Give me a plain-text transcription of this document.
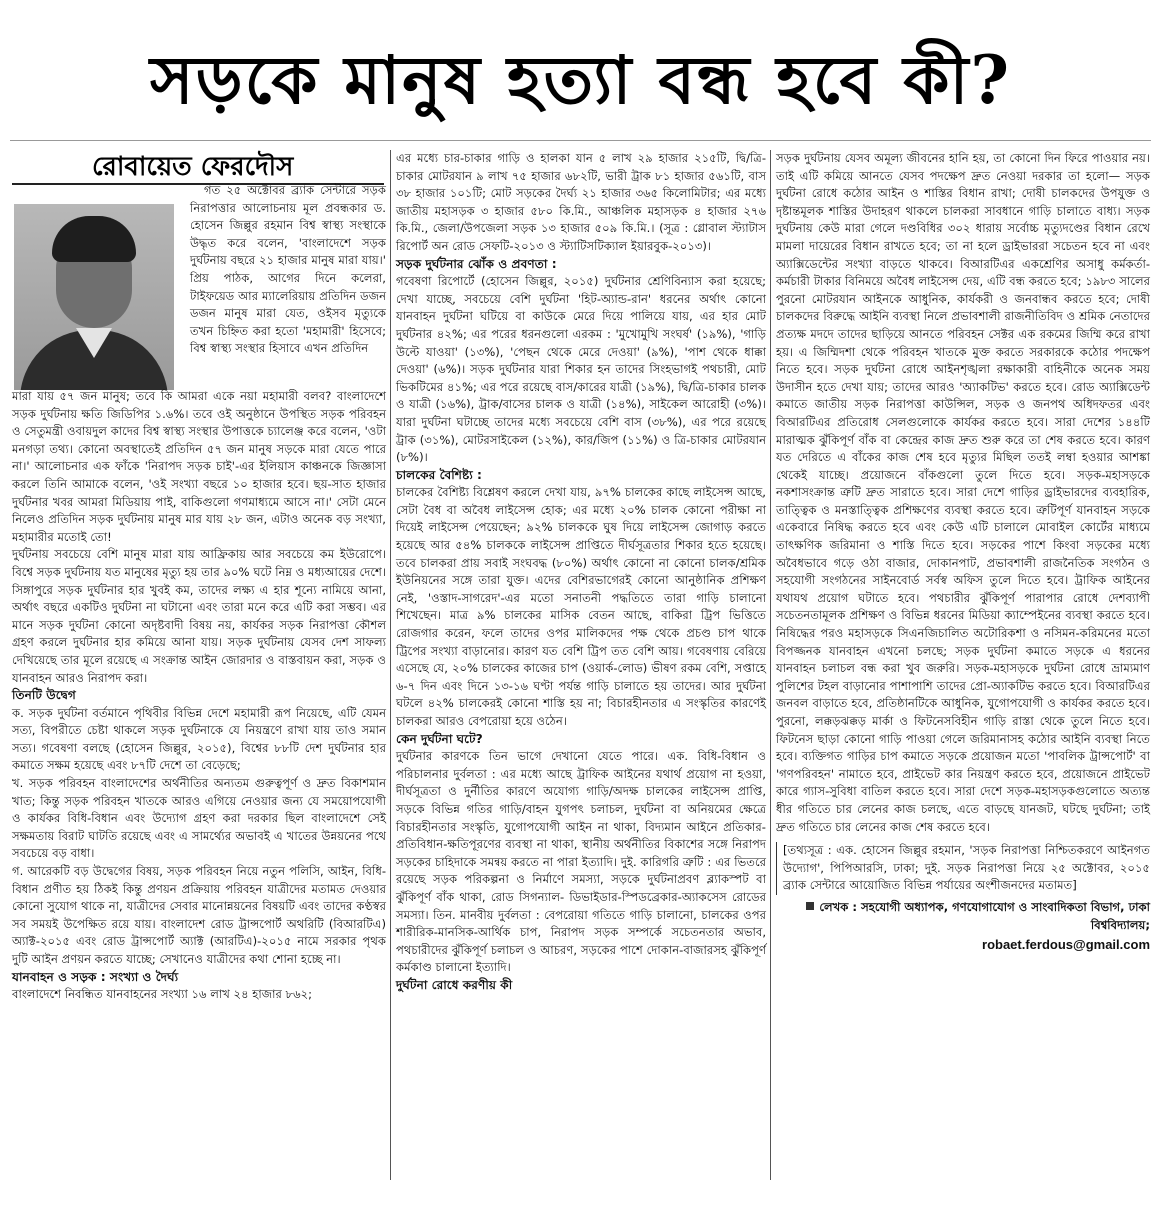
সড়কে মানুষ হত্যা বন্ধ হবে কী?
রোবায়েত ফেরদৌস

গত ২৫ অক্টোবর ব্র্যাক সেন্টারে সড়ক নিরাপত্তার আলোচনায় মূল প্রবন্ধকার ড. হোসেন জিল্লুর রহমান বিশ্ব স্বাস্থ্য সংস্থাকে উদ্ধৃত করে বলেন, 'বাংলাদেশে সড়ক দুর্ঘটনায় বছরে ২১ হাজার মানুষ মারা যায়।' প্রিয় পাঠক, আগের দিনে কলেরা, টাইফয়েড আর ম্যালেরিয়ায় প্রতিদিন ডজন ডজন মানুষ মারা যেত, ওইসব মৃত্যুকে তখন চিহ্নিত করা হতো 'মহামারী' হিসেবে; বিশ্ব স্বাস্থ্য সংস্থার হিসাবে এখন প্রতিদিন

মারা যায় ৫৭ জন মানুষ; তবে কি আমরা একে নয়া মহামারী বলব? বাংলাদেশে সড়ক দুর্ঘটনায় ক্ষতি জিডিপির ১.৬%। তবে ওই অনুষ্ঠানে উপস্থিত সড়ক পরিবহন ও সেতুমন্ত্রী ওবায়দুল কাদের বিশ্ব স্বাস্থ্য সংস্থার উপাত্তকে চ্যালেঞ্জ করে বলেন, 'ওটা মনগড়া তথ্য। কোনো অবস্থাতেই প্রতিদিন ৫৭ জন মানুষ সড়কে মারা যেতে পারে না।' আলোচনার এক ফাঁকে 'নিরাপদ সড়ক চাই'-এর ইলিয়াস কাঞ্চনকে জিজ্ঞাসা করলে তিনি আমাকে বলেন, 'ওই সংখ্যা বছরে ১০ হাজার হবে। ছয়-সাত হাজার দুর্ঘটনার খবর আমরা মিডিয়ায় পাই, বাকিগুলো গণমাধ্যমে আসে না।' সেটা মেনে নিলেও প্রতিদিন সড়ক দুর্ঘটনায় মানুষ মার যায় ২৮ জন, এটাও অনেক বড় সংখ্যা, মহামারীর মতোই তো!

দুর্ঘটনায় সবচেয়ে বেশি মানুষ মারা যায় আফ্রিকায় আর সবচেয়ে কম ইউরোপে। বিশ্বে সড়ক দুর্ঘটনায় যত মানুষের মৃত্যু হয় তার ৯০% ঘটে নিম্ন ও মধ্যআয়ের দেশে। সিঙ্গাপুরে সড়ক দুর্ঘটনার হার খুবই কম, তাদের লক্ষ্য এ হার শূন্যে নামিয়ে আনা, অর্থাৎ বছরে একটিও দুর্ঘটনা না ঘটানো এবং তারা মনে করে এটি করা সম্ভব। এর মানে সড়ক দুর্ঘটনা কোনো অদৃষ্টবাদী বিষয় নয়, কার্যকর সড়ক নিরাপত্তা কৌশল গ্রহণ করলে দুর্ঘটনার হার কমিয়ে আনা যায়। সড়ক দুর্ঘটনায় যেসব দেশ সাফল্য দেখিয়েছে তার মূলে রয়েছে এ সংক্রান্ত আইন জোরদার ও বাস্তবায়ন করা, সড়ক ও যানবাহন আরও নিরাপদ করা।

তিনটি উদ্বেগ

ক. সড়ক দুর্ঘটনা বর্তমানে পৃথিবীর বিভিন্ন দেশে মহামারী রূপ নিয়েছে, এটি যেমন সত্য, বিপরীতে চেষ্টা থাকলে সড়ক দুর্ঘটনাকে যে নিয়ন্ত্রণে রাখা যায় তাও সমান সত্য। গবেষণা বলছে (হোসেন জিল্লুর, ২০১৫), বিশ্বের ৮৮টি দেশ দুর্ঘটনার হার কমাতে সক্ষম হয়েছে এবং ৮৭টি দেশে তা বেড়েছে;

খ. সড়ক পরিবহন বাংলাদেশের অর্থনীতির অন্যতম গুরুত্বপূর্ণ ও দ্রুত বিকাশমান খাত; কিন্তু সড়ক পরিবহন খাতকে আরও এগিয়ে নেওয়ার জন্য যে সময়োপযোগী ও কার্যকর বিধি-বিধান এবং উদ্যোগ গ্রহণ করা দরকার ছিল বাংলাদেশে সেই সক্ষমতায় বিরাট ঘাটতি রয়েছে এবং এ সামর্থ্যের অভাবই এ খাতের উন্নয়নের পথে সবচেয়ে বড় বাধা।

গ. আরেকটি বড় উদ্বেগের বিষয়, সড়ক পরিবহন নিয়ে নতুন পলিসি, আইন, বিধি-বিধান প্রণীত হয় ঠিকই কিন্তু প্রণয়ন প্রক্রিয়ায় পরিবহন যাত্রীদের মতামত দেওয়ার কোনো সুযোগ থাকে না, যাত্রীদের সেবার মানোন্নয়নের বিষয়টি এবং তাদের কণ্ঠস্বর সব সময়ই উপেক্ষিত রয়ে যায়। বাংলাদেশ রোড ট্রান্সপোর্ট অথরিটি (বিআরটিএ) অ্যাক্ট-২০১৫ এবং রোড ট্রান্সপোর্ট অ্যাক্ট (আরটিএ)-২০১৫ নামে সরকার পৃথক দুটি আইন প্রণয়ন করতে যাচ্ছে; সেখানেও যাত্রীদের কথা শোনা হচ্ছে না।

যানবাহন ও সড়ক : সংখ্যা ও দৈর্ঘ্য

বাংলাদেশে নিবন্ধিত যানবাহনের সংখ্যা ১৬ লাখ ২৪ হাজার ৮৬২;

এর মধ্যে চার-চাকার গাড়ি ও হালকা যান ৫ লাখ ২৯ হাজার ২১৫টি, দ্বি/ত্রি-চাকার মোটরযান ৯ লাখ ৭৫ হাজার ৬৮২টি, ভারী ট্রাক ৮১ হাজার ৫৬১টি, বাস ৩৮ হাজার ১০১টি; মোট সড়কের দৈর্ঘ্য ২১ হাজার ৩৬৫ কিলোমিটার; এর মধ্যে জাতীয় মহাসড়ক ৩ হাজার ৫৮০ কি.মি., আঞ্চলিক মহাসড়ক ৪ হাজার ২৭৬ কি.মি., জেলা/উপজেলা সড়ক ১৩ হাজার ৫০৯ কি.মি.। (সূত্র : গ্লোবাল স্ট্যাটাস রিপোর্ট অন রোড সেফটি-২০১৩ ও স্ট্যাটিসটিক্যাল ইয়ারবুক-২০১৩)।

সড়ক দুর্ঘটনার ঝোঁক ও প্রবণতা :

গবেষণা রিপোর্টে (হোসেন জিল্লুর, ২০১৫) দুর্ঘটনার শ্রেণিবিন্যাস করা হয়েছে; দেখা যাচ্ছে, সবচেয়ে বেশি দুর্ঘটনা 'হিট-অ্যান্ড-রান' ধরনের অর্থাৎ কোনো যানবাহন দুর্ঘটনা ঘটিয়ে বা কাউকে মেরে দিয়ে পালিয়ে যায়, এর হার মোট দুর্ঘটনার ৪২%; এর পরের ধরনগুলো এরকম : 'মুখোমুখি সংঘর্ষ' (১৯%), 'গাড়ি উল্টে যাওয়া' (১৩%), 'পেছন থেকে মেরে দেওয়া' (৯%), 'পাশ থেকে ধাক্কা দেওয়া' (৬%)। সড়ক দুর্ঘটনার যারা শিকার হন তাদের সিংহভাগই পথচারী, মোট ভিকটিমের ৪১%; এর পরে রয়েছে বাস/কারের যাত্রী (১৯%), দ্বি/ত্রি-চাকার চালক ও যাত্রী (১৬%), ট্রাক/বাসের চালক ও যাত্রী (১৪%), সাইকেল আরোহী (৩%)। যারা দুর্ঘটনা ঘটাচ্ছে তাদের মধ্যে সবচেয়ে বেশি বাস (৩৮%), এর পরে রয়েছে ট্রাক (৩১%), মোটরসাইকেল (১২%), কার/জিপ (১১%) ও ত্রি-চাকার মোটরযান (৮%)।

চালকের বৈশিষ্ট্য :

চালকের বৈশিষ্ট্য বিশ্লেষণ করলে দেখা যায়, ৯৭% চালকের কাছে লাইসেন্স আছে, সেটা বৈধ বা অবৈধ লাইসেন্স হোক; এর মধ্যে ২০% চালক কোনো পরীক্ষা না দিয়েই লাইসেন্স পেয়েছেন; ৯২% চালককে ঘুষ দিয়ে লাইসেন্স জোগাড় করতে হয়েছে আর ৫৪% চালককে লাইসেন্স প্রাপ্তিতে দীর্ঘসূত্রতার শিকার হতে হয়েছে। তবে চালকরা প্রায় সবাই সংঘবদ্ধ (৮০%) অর্থাৎ কোনো না কোনো চালক/শ্রমিক ইউনিয়নের সঙ্গে তারা যুক্ত। এদের বেশিরভাগেরই কোনো আনুষ্ঠানিক প্রশিক্ষণ নেই, 'ওস্তাদ-সাগরেদ'-এর মতো সনাতনী পদ্ধতিতে তারা গাড়ি চালানো শিখেছেন। মাত্র ৯% চালকের মাসিক বেতন আছে, বাকিরা ট্রিপ ভিত্তিতে রোজগার করেন, ফলে তাদের ওপর মালিকদের পক্ষ থেকে প্রচণ্ড চাপ থাকে ট্রিপের সংখ্যা বাড়ানোর। কারণ যত বেশি ট্রিপ তত বেশি আয়। গবেষণায় বেরিয়ে এসেছে যে, ২০% চালকের কাজের চাপ (ওয়ার্ক-লোড) ভীষণ রকম বেশি, সপ্তাহে ৬-৭ দিন এবং দিনে ১৩-১৬ ঘণ্টা পর্যন্ত গাড়ি চালাতে হয় তাদের। আর দুর্ঘটনা ঘটলে ৪২% চালকেরই কোনো শাস্তি হয় না; বিচারহীনতার এ সংস্কৃতির কারণেই চালকরা আরও বেপরোয়া হয়ে ওঠেন।

কেন দুর্ঘটনা ঘটে?

দুর্ঘটনার কারণকে তিন ভাগে দেখানো যেতে পারে। এক. বিধি-বিধান ও পরিচালনার দুর্বলতা : এর মধ্যে আছে ট্রাফিক আইনের যথার্থ প্রয়োগ না হওয়া, দীর্ঘসূত্রতা ও দুর্নীতির কারণে অযোগ্য গাড়ি/অদক্ষ চালকের লাইসেন্স প্রাপ্তি, সড়কে বিভিন্ন গতির গাড়ি/বাহন যুগপৎ চলাচল, দুর্ঘটনা বা অনিয়মের ক্ষেত্রে বিচারহীনতার সংস্কৃতি, যুগোপযোগী আইন না থাকা, বিদ্যমান আইনে প্রতিকার-প্রতিবিধান-ক্ষতিপূরণের ব্যবস্থা না থাকা, স্থানীয় অর্থনীতির বিকাশের সঙ্গে নিরাপদ সড়কের চাহিদাকে সমন্বয় করতে না পারা ইত্যাদি। দুই. কারিগরি ত্রুটি : এর ভিতরে রয়েছে সড়ক পরিকল্পনা ও নির্মাণে সমস্যা, সড়কে দুর্ঘটনাপ্রবণ ব্ল্যাকস্পট বা ঝুঁকিপূর্ণ বাঁক থাকা, রোড সিগন্যাল- ডিভাইডার-স্পিডব্রেকার-অ্যাকসেস রোডের সমস্যা। তিন. মানবীয় দুর্বলতা : বেপরোয়া গতিতে গাড়ি চালানো, চালকের ওপর শারীরিক-মানসিক-আর্থিক চাপ, নিরাপদ সড়ক সম্পর্কে সচেতনতার অভাব, পথচারীদের ঝুঁকিপূর্ণ চলাচল ও আচরণ, সড়কের পাশে দোকান-বাজারসহ ঝুঁকিপূর্ণ কর্মকাণ্ড চালানো ইত্যাদি।

দুর্ঘটনা রোধে করণীয় কী

সড়ক দুর্ঘটনায় যেসব অমূল্য জীবনের হানি হয়, তা কোনো দিন ফিরে পাওয়ার নয়। তাই এটি কমিয়ে আনতে যেসব পদক্ষেপ দ্রুত নেওয়া দরকার তা হলো— সড়ক দুর্ঘটনা রোধে কঠোর আইন ও শাস্তির বিধান রাখা; দোষী চালকদের উপযুক্ত ও দৃষ্টান্তমূলক শাস্তির উদাহরণ থাকলে চালকরা সাবধানে গাড়ি চালাতে বাধ্য। সড়ক দুর্ঘটনায় কেউ মারা গেলে দণ্ডবিধির ৩০২ ধারায় সর্বোচ্চ মৃত্যুদণ্ডের বিধান রেখে মামলা দায়েরের বিধান রাখতে হবে; তা না হলে ড্রাইভাররা সচেতন হবে না এবং অ্যাক্সিডেন্টের সংখ্যা বাড়তে থাকবে। বিআরটিএর একশ্রেণির অসাধু কর্মকর্তা-কর্মচারী টাকার বিনিময়ে অবৈধ লাইসেন্স দেয়, এটি বন্ধ করতে হবে; ১৯৮৩ সালের পুরনো মোটরযান আইনকে আধুনিক, কার্যকরী ও জনবান্ধব করতে হবে; দোষী চালকদের বিরুদ্ধে আইনি ব্যবস্থা নিলে প্রভাবশালী রাজনীতিবিদ ও শ্রমিক নেতাদের প্রত্যক্ষ মদদে তাদের ছাড়িয়ে আনতে পরিবহন সেক্টর এক রকমের জিম্মি করে রাখা হয়। এ জিম্মিদশা থেকে পরিবহন খাতকে মুক্ত করতে সরকারকে কঠোর পদক্ষেপ নিতে হবে। সড়ক দুর্ঘটনা রোধে আইনশৃঙ্খলা রক্ষাকারী বাহিনীকে অনেক সময় উদাসীন হতে দেখা যায়; তাদের আরও 'অ্যাকটিভ' করতে হবে। রোড অ্যাক্সিডেন্ট কমাতে জাতীয় সড়ক নিরাপত্তা কাউন্সিল, সড়ক ও জনপথ অধিদফতর এবং বিআরটিএর প্রতিরোধ সেলগুলোকে কার্যকর করতে হবে। সারা দেশের ১৪৪টি মারাত্মক ঝুঁকিপূর্ণ বাঁক বা কেন্দ্রের কাজ দ্রুত শুরু করে তা শেষ করতে হবে। কারণ যত দেরিতে এ বাঁকের কাজ শেষ হবে মৃত্যুর মিছিল ততই লম্বা হওয়ার আশঙ্কা থেকেই যাচ্ছে। প্রয়োজনে বাঁকগুলো তুলে দিতে হবে। সড়ক-মহাসড়কে নকশাসংক্রান্ত ত্রুটি দ্রুত সারাতে হবে। সারা দেশে গাড়ির ড্রাইভারদের ব্যবহারিক, তাত্ত্বিক ও মনস্তাত্ত্বিক প্রশিক্ষণের ব্যবস্থা করতে হবে। ত্রুটিপূর্ণ যানবাহন সড়কে একেবারে নিষিদ্ধ করতে হবে এবং কেউ এটি চালালে মোবাইল কোর্টের মাধ্যমে তাৎক্ষণিক জরিমানা ও শাস্তি দিতে হবে। সড়কের পাশে কিংবা সড়কের মধ্যে অবৈধভাবে গড়ে ওঠা বাজার, দোকানপাট, প্রভাবশালী রাজনৈতিক সংগঠন ও সহযোগী সংগঠনের সাইনবোর্ড সর্বস্ব অফিস তুলে দিতে হবে। ট্রাফিক আইনের যথাযথ প্রয়োগ ঘটাতে হবে। পথচারীর ঝুঁকিপূর্ণ পারাপার রোধে দেশব্যাপী সচেতনতামূলক প্রশিক্ষণ ও বিভিন্ন ধরনের মিডিয়া ক্যাম্পেইনের ব্যবস্থা করতে হবে। নিষিদ্ধের পরও মহাসড়কে সিএনজিচালিত অটোরিকশা ও নসিমন-করিমনের মতো বিপজ্জনক যানবাহন এখনো চলছে; সড়ক দুর্ঘটনা কমাতে সড়কে এ ধরনের যানবাহন চলাচল বন্ধ করা খুব জরুরি। সড়ক-মহাসড়কে দুর্ঘটনা রোধে ভ্রাম্যমাণ পুলিশের টহল বাড়ানোর পাশাপাশি তাদের প্রো-অ্যাকটিভ করতে হবে। বিআরটিএর জনবল বাড়াতে হবে, প্রতিষ্ঠানটিকে আধুনিক, যুগোপযোগী ও কার্যকর করতে হবে। পুরনো, লক্কড়ঝক্কড় মার্কা ও ফিটনেসবিহীন গাড়ি রাস্তা থেকে তুলে নিতে হবে। ফিটনেস ছাড়া কোনো গাড়ি পাওয়া গেলে জরিমানাসহ কঠোর আইনি ব্যবস্থা নিতে হবে। ব্যক্তিগত গাড়ির চাপ কমাতে সড়কে প্রয়োজন মতো 'পাবলিক ট্রান্সপোর্ট' বা 'গণপরিবহন' নামাতে হবে, প্রাইভেট কার নিয়ন্ত্রণ করতে হবে, প্রয়োজনে প্রাইভেট কারে গ্যাস-সুবিধা বাতিল করতে হবে। সারা দেশে সড়ক-মহাসড়কগুলোতে অত্যন্ত ধীর গতিতে চার লেনের কাজ চলছে, এতে বাড়ছে যানজট, ঘটছে দুর্ঘটনা; তাই দ্রুত গতিতে চার লেনের কাজ শেষ করতে হবে।

[তথ্যসূত্র : এক. হোসেন জিল্লুর রহমান, 'সড়ক নিরাপত্তা নিশ্চিতকরণে আইনগত উদ্যোগ', পিপিআরসি, ঢাকা; দুই. সড়ক নিরাপত্তা নিয়ে ২৫ অক্টোবর, ২০১৫ ব্র্যাক সেন্টারে আয়োজিত বিভিন্ন পর্যায়ের অংশীজনদের মতামত]

লেখক : সহযোগী অধ্যাপক, গণযোগাযোগ ও সাংবাদিকতা বিভাগ, ঢাকা বিশ্ববিদ্যালয়;

robaet.ferdous@gmail.com
